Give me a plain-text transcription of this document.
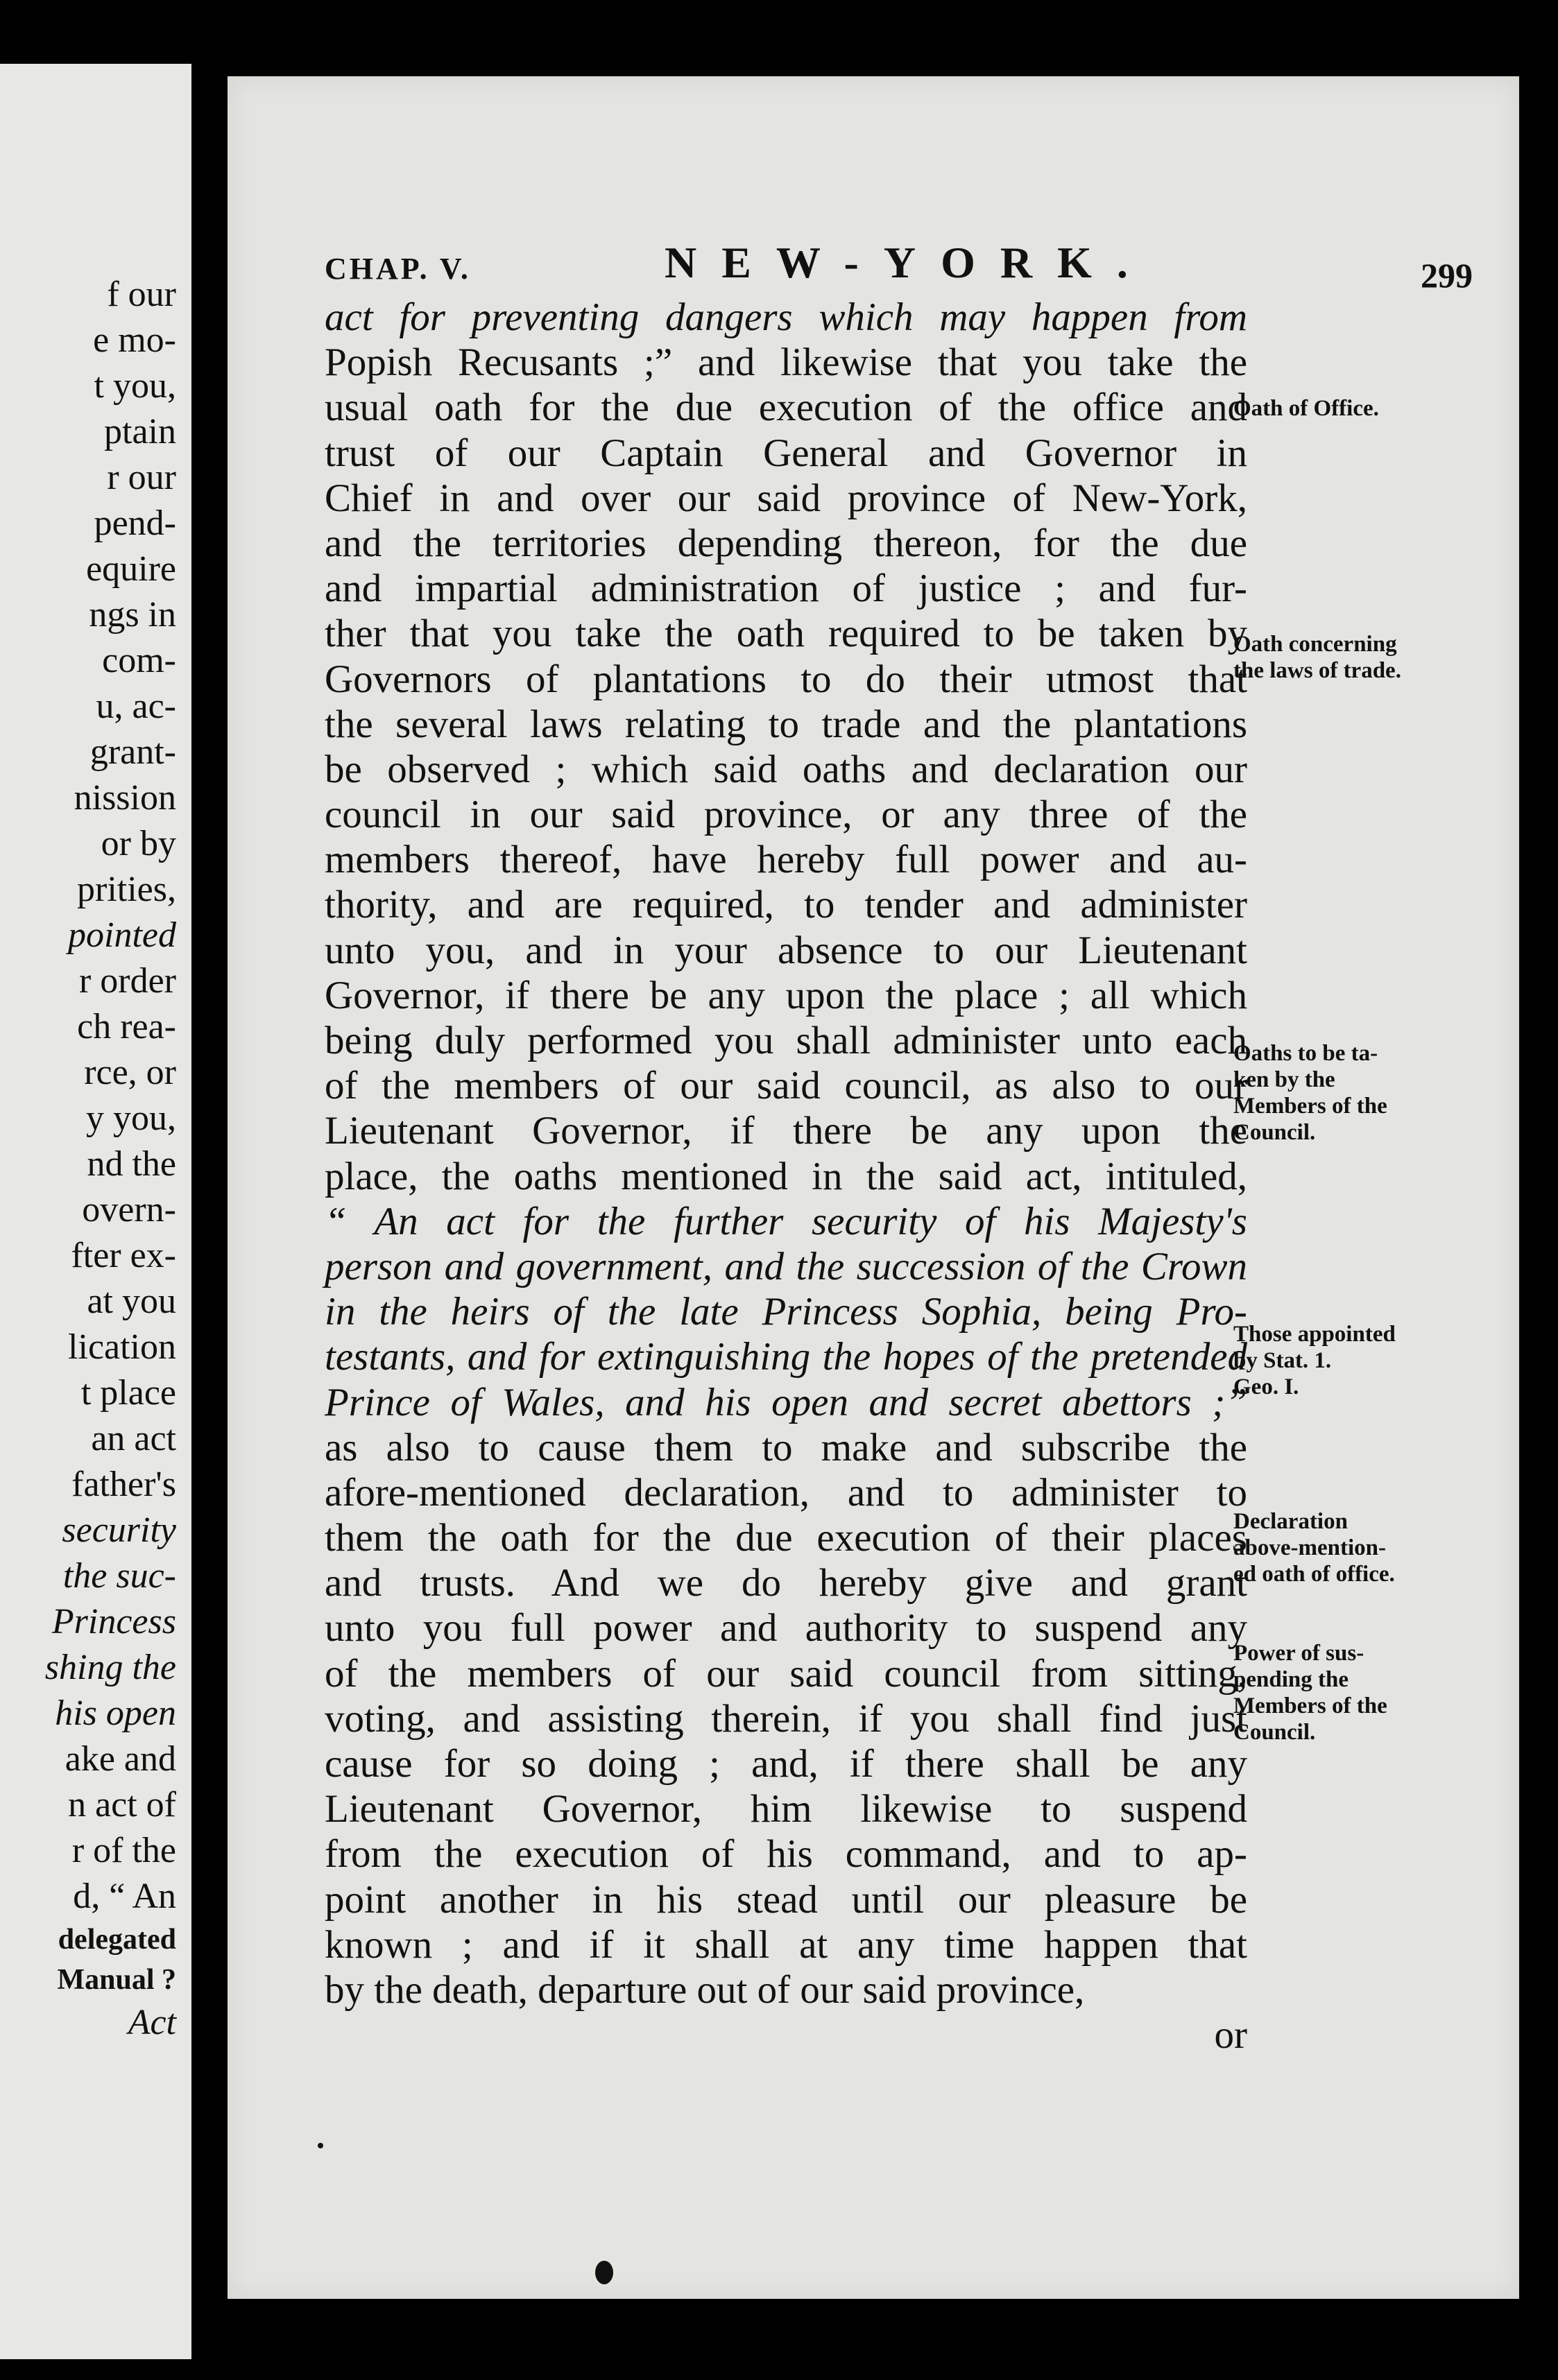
f our
e mo-
t you,
ptain
r our
pend-
equire
ngs in
com-
u, ac-
grant-
nission
or by
prities,
pointed
r order
ch rea-
rce, or
y you,
nd the
overn-
fter ex-
at you
lication
t place
an act
father's
security
the suc-
Princess
shing the
his open
ake and
n act of
r of the
d, “ An
delegated
Manual ?
Act
CHAP. V.	NEW-YORK.	299
act for preventing dangers which may happen from
Popish Recusants ;” and likewise that you take the
usual oath for the due execution of the office and
trust of our Captain General and Governor in
Chief in and over our said province of New-York,
and the territories depending thereon, for the due
and impartial administration of justice ; and fur-
ther that you take the oath required to be taken by
Governors of plantations to do their utmost that
the several laws relating to trade and the plantations
be observed ; which said oaths and declaration our
council in our said province, or any three of the
members thereof, have hereby full power and au-
thority, and are required, to tender and administer
unto you, and in your absence to our Lieutenant
Governor, if there be any upon the place ; all which
being duly performed you shall administer unto each
of the members of our said council, as also to our
Lieutenant Governor, if there be any upon the
place, the oaths mentioned in the said act, intituled,
“ An act for the further security of his Majesty's
person and government, and the succession of the Crown
in the heirs of the late Princess Sophia, being Pro-
testants, and for extinguishing the hopes of the pretended
Prince of Wales, and his open and secret abettors ;”
as also to cause them to make and subscribe the
afore-mentioned declaration, and to administer to
them the oath for the due execution of their places
and trusts. And we do hereby give and grant
unto you full power and authority to suspend any
of the members of our said council from sitting,
voting, and assisting therein, if you shall find just
cause for so doing ; and, if there shall be any
Lieutenant Governor, him likewise to suspend
from the execution of his command, and to ap-
point another in his stead until our pleasure be
known ; and if it shall at any time happen that
by the death, departure out of our said province,
or
Oath of Office.
Oath concerning
the laws of trade.
Oaths to be ta-
ken by the
Members of the
Council.
Those appointed
by Stat. 1.
Geo. I.
Declaration
above-mention-
ed oath of office.
Power of sus-
pending the
Members of the
Council.
